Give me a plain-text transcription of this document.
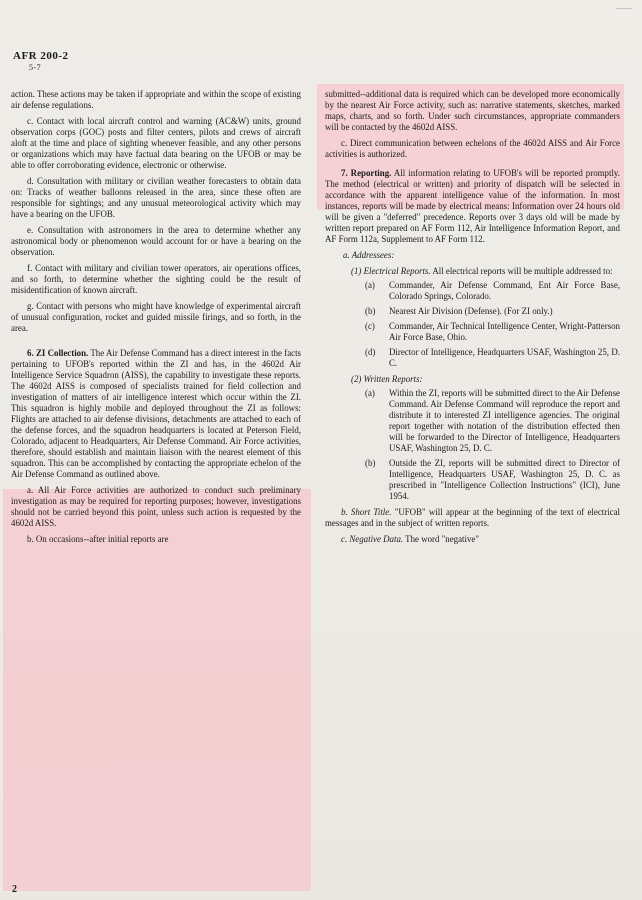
........
AFR 200-2
5-7

action. These actions may be taken if appropriate and within the scope of existing air defense regulations.

c. Contact with local aircraft control and warning (AC&W) units, ground observation corps (GOC) posts and filter centers, pilots and crews of aircraft aloft at the time and place of sighting whenever feasible, and any other persons or organizations which may have factual data bearing on the UFOB or may be able to offer corroborating evidence, electronic or otherwise.

d. Consultation with military or civilian weather forecasters to obtain data on: Tracks of weather balloons released in the area, since these often are responsible for sightings; and any unusual meteorological activity which may have a bearing on the UFOB.

e. Consultation with astronomers in the area to determine whether any astronomical body or phenomenon would account for or have a bearing on the observation.

f. Contact with military and civilian tower operators, air operations offices, and so forth, to determine whether the sighting could be the result of misidentification of known aircraft.

g. Contact with persons who might have knowledge of experimental aircraft of unusual configuration, rocket and guided missile firings, and so forth, in the area.

6. ZI Collection. The Air Defense Command has a direct interest in the facts pertaining to UFOB's reported within the ZI and has, in the 4602d Air Intelligence Service Squadron (AISS), the capability to investigate these reports. The 4602d AISS is composed of specialists trained for field collection and investigation of matters of air intelligence interest which occur within the ZI. This squadron is highly mobile and deployed throughout the ZI as follows: Flights are attached to air defense divisions, detachments are attached to each of the defense forces, and the squadron headquarters is located at Peterson Field, Colorado, adjacent to Headquarters, Air Defense Command. Air Force activities, therefore, should establish and maintain liaison with the nearest element of this squadron. This can be accomplished by contacting the appropriate echelon of the Air Defense Command as outlined above.

a. All Air Force activities are authorized to conduct such preliminary investigation as may be required for reporting purposes; however, investigations should not be carried beyond this point, unless such action is requested by the 4602d AISS.

b. On occasions--after initial reports are

submitted--additional data is required which can be developed more economically by the nearest Air Force activity, such as: narrative statements, sketches, marked maps, charts, and so forth. Under such circumstances, appropriate commanders will be contacted by the 4602d AISS.

c. Direct communication between echelons of the 4602d AISS and Air Force activities is authorized.

7. Reporting. All information relating to UFOB's will be reported promptly. The method (electrical or written) and priority of dispatch will be selected in accordance with the apparent intelligence value of the information. In most instances, reports will be made by electrical means: Information over 24 hours old will be given a "deferred" precedence. Reports over 3 days old will be made by written report prepared on AF Form 112, Air Intelligence Information Report, and AF Form 112a, Supplement to AF Form 112.

a. Addressees:

(1) Electrical Reports. All electrical reports will be multiple addressed to:

(a)	Commander, Air Defense Command, Ent Air Force Base, Colorado Springs, Colorado.
(b)	Nearest Air Division (Defense). (For ZI only.)
(c)	Commander, Air Technical Intelligence Center, Wright-Patterson Air Force Base, Ohio.
(d)	Director of Intelligence, Headquarters USAF, Washington 25, D. C.

(2) Written Reports:

(a)	Within the ZI, reports will be submitted direct to the Air Defense Command. Air Defense Command will reproduce the report and distribute it to interested ZI intelligence agencies. The original report together with notation of the distribution effected then will be forwarded to the Director of Intelligence, Headquarters USAF, Washington 25, D. C.
(b)	Outside the ZI, reports will be submitted direct to Director of Intelligence, Headquarters USAF, Washington 25, D. C. as prescribed in "Intelligence Collection Instructions" (ICI), June 1954.

b. Short Title. "UFOB" will appear at the beginning of the text of electrical messages and in the subject of written reports.

c. Negative Data. The word "negative"

2
